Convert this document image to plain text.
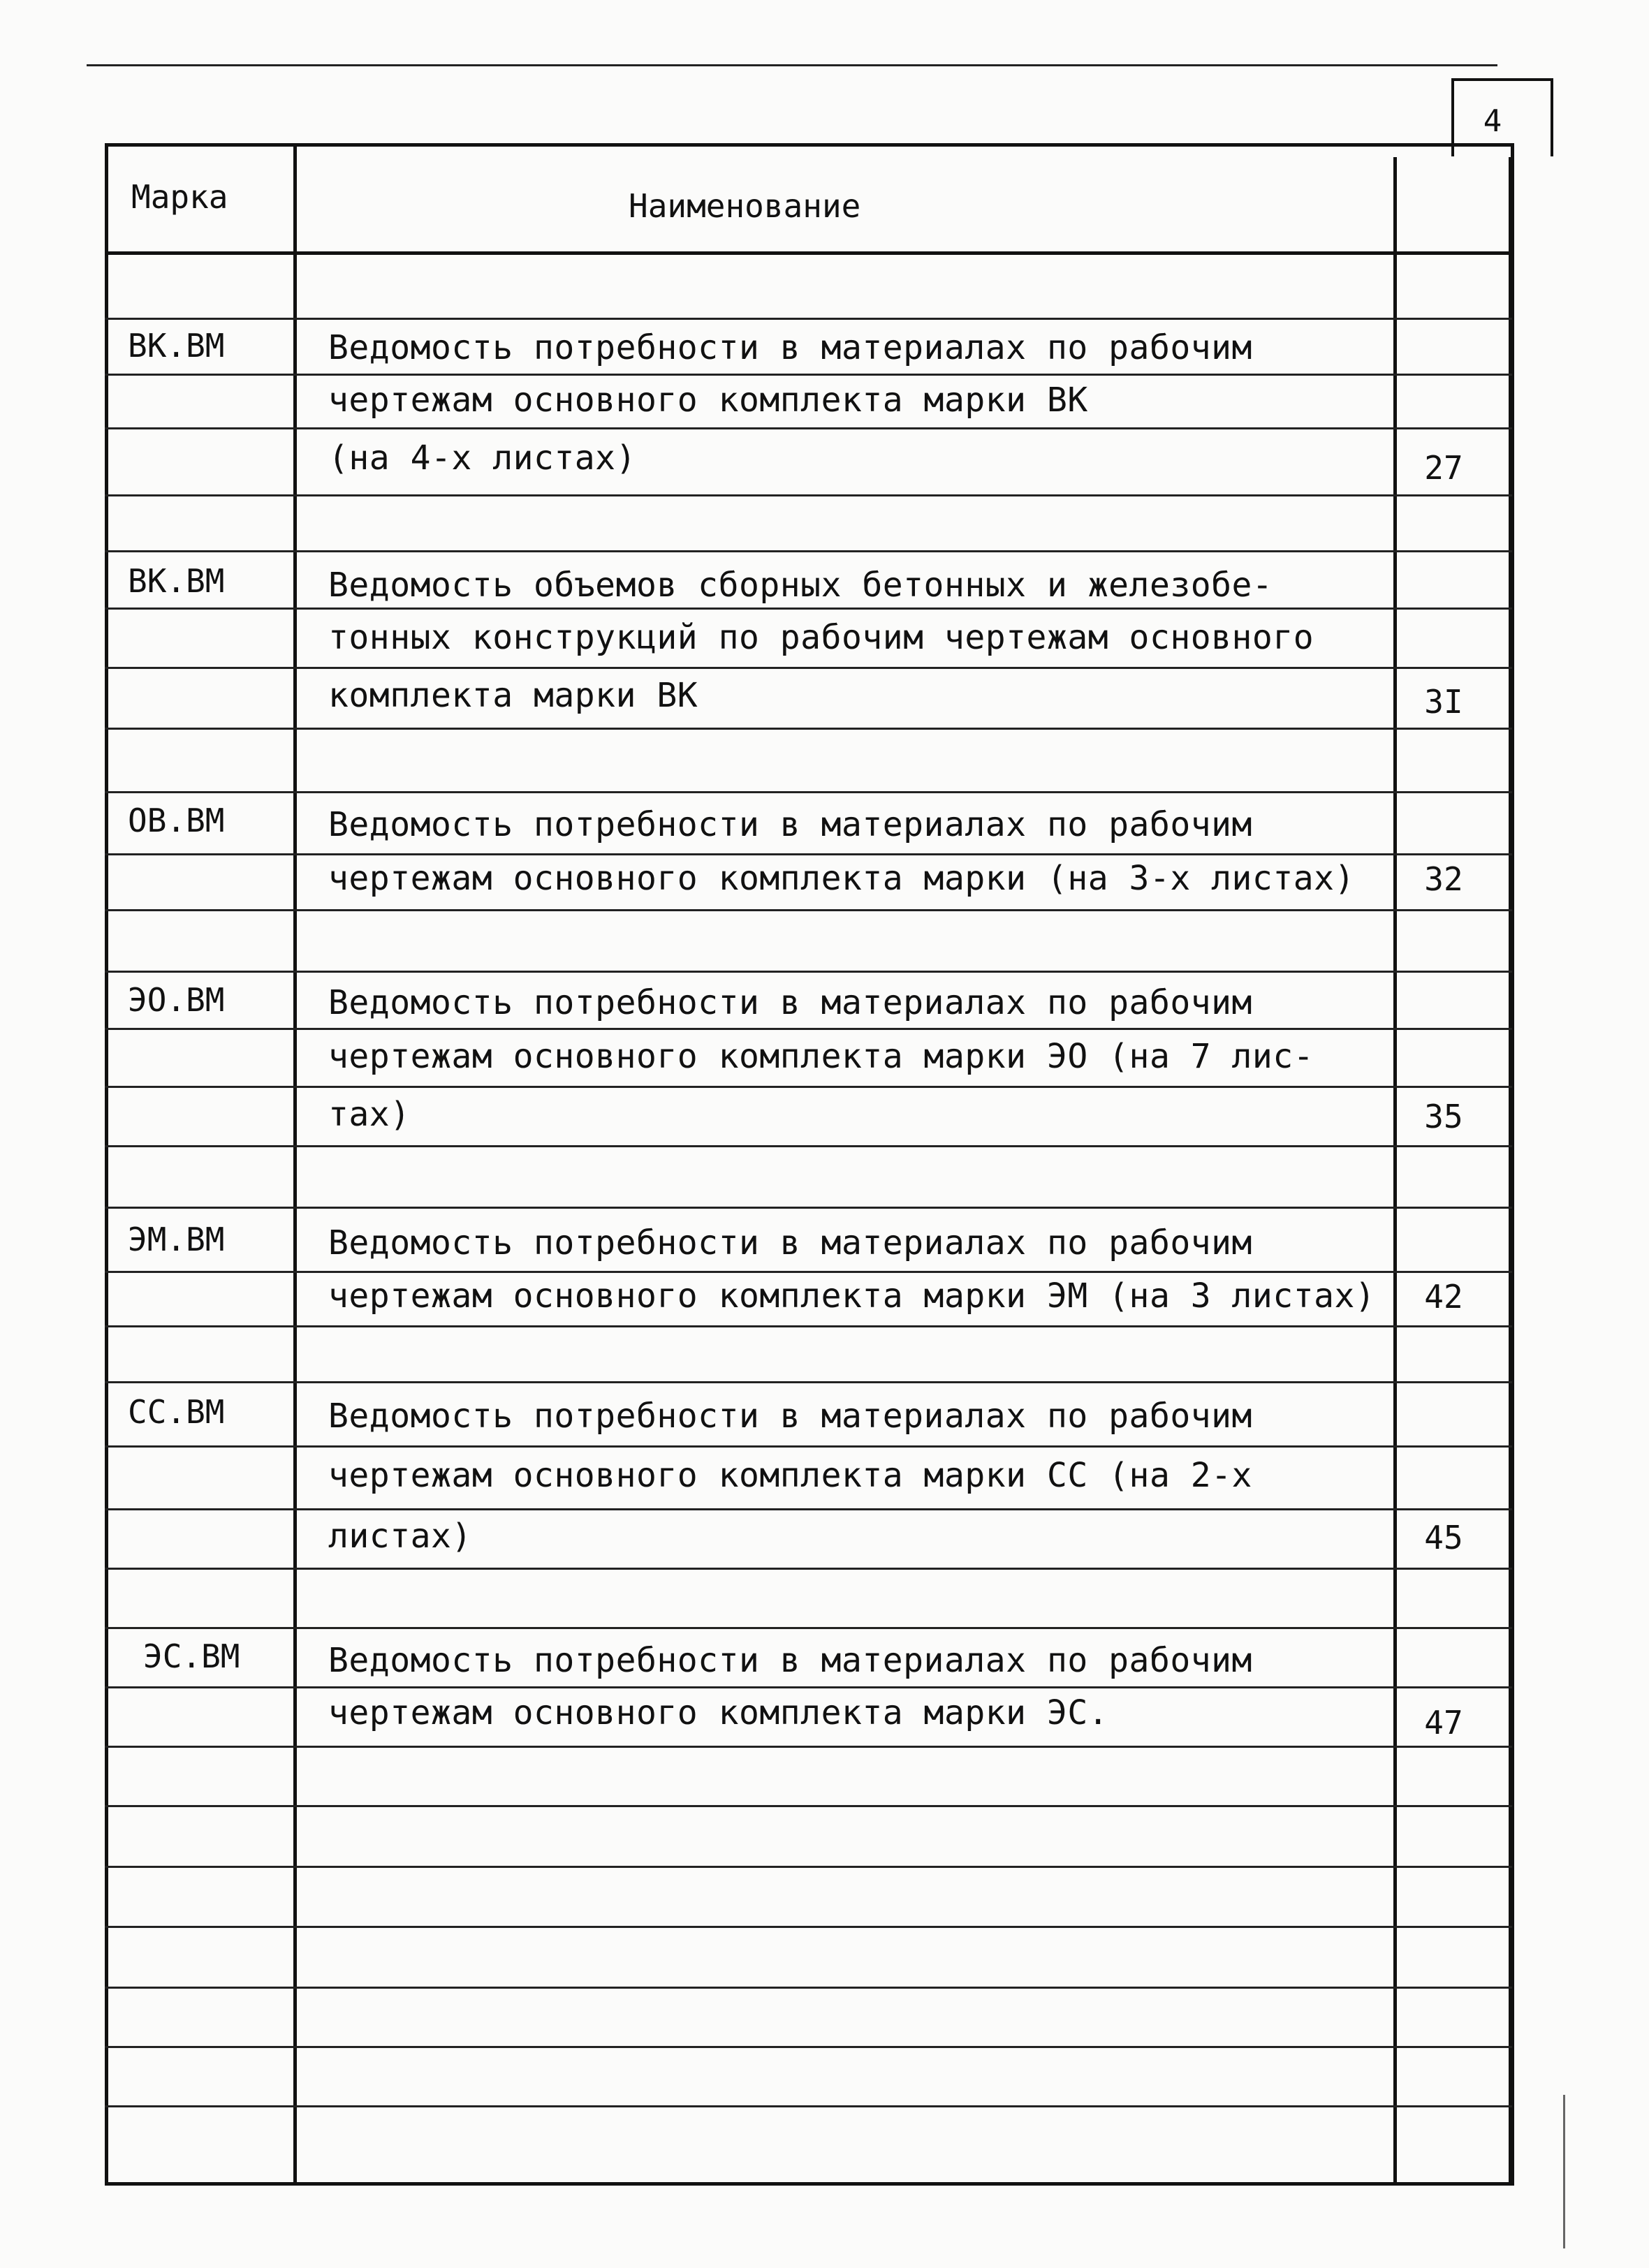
4
Марка	Наименование
ВК.ВМ	Ведомость потребности в материалах по рабочим
чертежам основного комплекта марки ВК
(на 4-х листах)	27
ВК.ВМ	Ведомость объемов сборных бетонных и железобе-
тонных конструкций по рабочим чертежам основного
комплекта марки ВК	3I
ОВ.ВМ	Ведомость потребности в материалах по рабочим
чертежам основного комплекта марки (на 3-х листах)	32
ЭО.ВМ	Ведомость потребности в материалах по рабочим
чертежам основного комплекта марки ЭО (на 7 лис-
тах)	35
ЭМ.ВМ	Ведомость потребности в материалах по рабочим
чертежам основного комплекта марки ЭМ (на 3 листах)	42
СС.ВМ	Ведомость потребности в материалах по рабочим
чертежам основного комплекта марки СС (на 2-х
листах)	45
ЭС.ВМ	Ведомость потребности в материалах по рабочим
чертежам основного комплекта марки ЭС.	47
